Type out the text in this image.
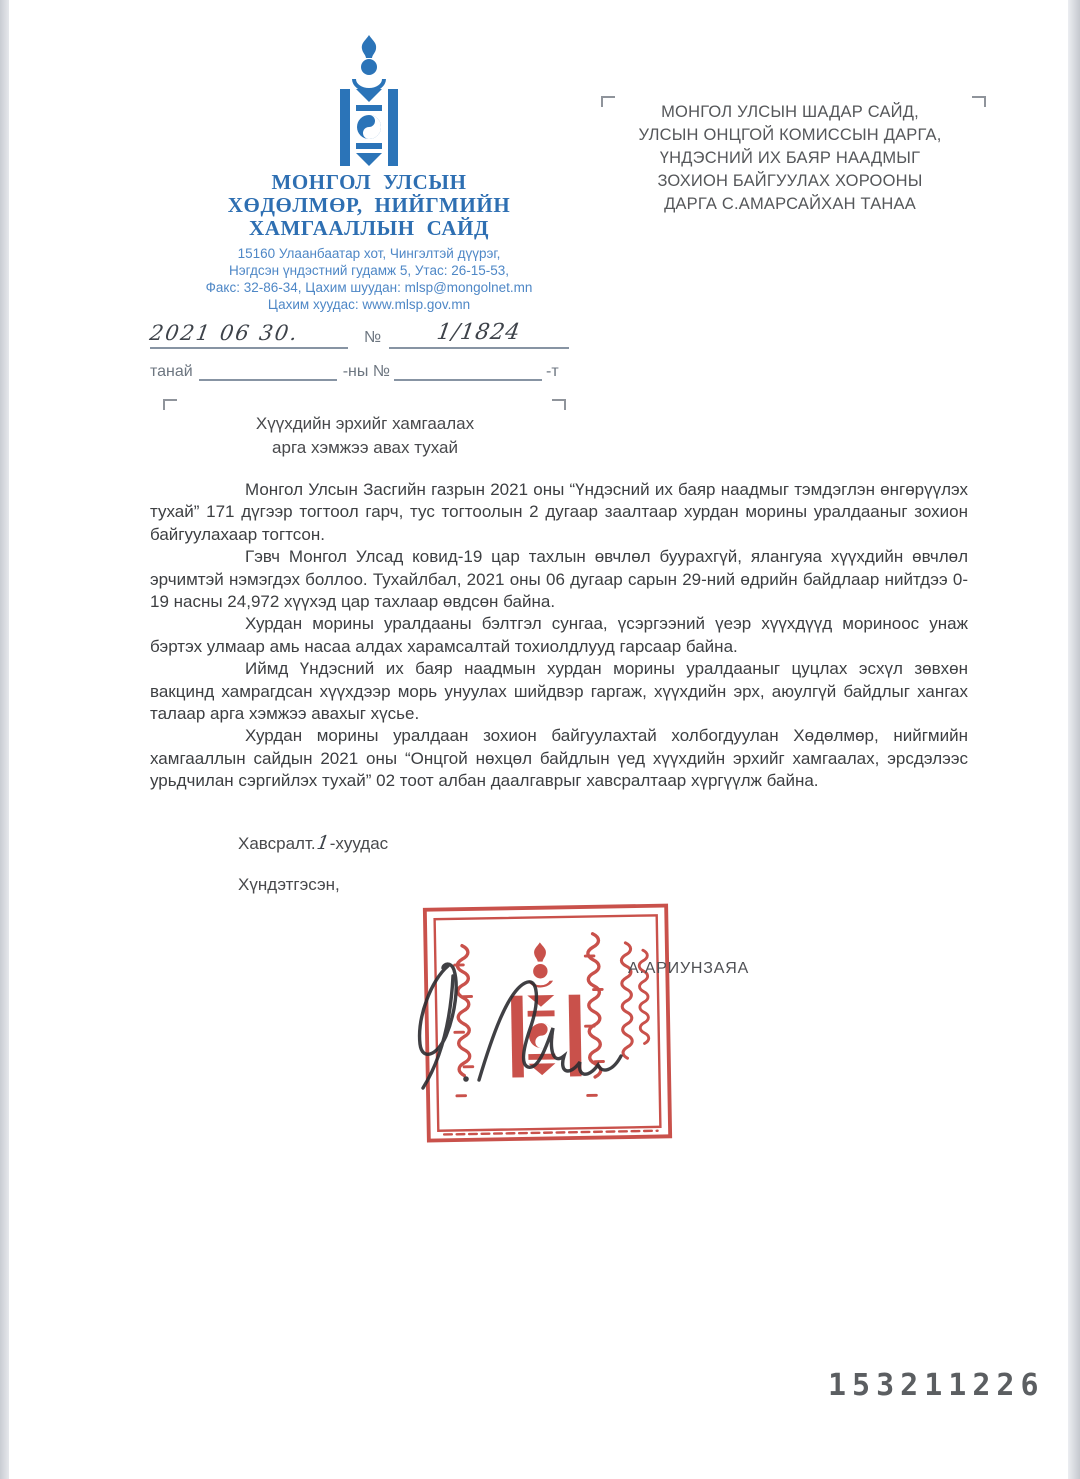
МОНГОЛ УЛСЫН
ХӨДӨЛМӨР, НИЙГМИЙН
ХАМГААЛЛЫН САЙД
15160 Улаанбаатар хот, Чингэлтэй дүүрэг,
Нэгдсэн үндэстний гудамж 5, Утас: 26-15-53,
Факс: 32-86-34, Цахим шуудан: mlsp@mongolnet.mn
Цахим хуудас: www.mlsp.gov.mn
МОНГОЛ УЛСЫН ШАДАР САЙД,
УЛСЫН ОНЦГОЙ КОМИССЫН ДАРГА,
ҮНДЭСНИЙ ИХ БАЯР НААДМЫГ
ЗОХИОН БАЙГУУЛАХ ХОРООНЫ
ДАРГА С.АМАРСАЙХАН ТАНАА
2021 06 30.	№	1/1824
танай	-ны №	-т
Хүүхдийн эрхийг хамгаалах
арга хэмжээ авах тухай

Монгол Улсын Засгийн газрын 2021 оны “Үндэсний их баяр наадмыг тэмдэглэн өнгөрүүлэх тухай” 171 дүгээр тогтоол гарч, тус тогтоолын 2 дугаар заалтаар хурдан морины уралдааныг зохион байгуулахаар тогтсон.

Гэвч Монгол Улсад ковид-19 цар тахлын өвчлөл буурахгүй, ялангуяа хүүхдийн өвчлөл эрчимтэй нэмэгдэх боллоо. Тухайлбал, 2021 оны 06 дугаар сарын 29-ний өдрийн байдлаар нийтдээ 0-19 насны 24,972 хүүхэд цар тахлаар өвдсөн байна.

Хурдан морины уралдааны бэлтгэл сунгаа, үсэргээний үеэр хүүхдүүд мориноос унаж бэртэх улмаар амь насаа алдах харамсалтай тохиолдлууд гарсаар байна.

Иймд Үндэсний их баяр наадмын хурдан морины уралдааныг цуцлах эсхүл зөвхөн вакцинд хамрагдсан хүүхдээр морь унуулах шийдвэр гаргаж, хүүхдийн эрх, аюулгүй байдлыг хангах талаар арга хэмжээ авахыг хүсье.

Хурдан морины уралдаан зохион байгуулахтай холбогдуулан Хөдөлмөр, нийгмийн хамгааллын сайдын 2021 оны “Онцгой нөхцөл байдлын үед хүүхдийн эрхийг хамгаалах, эрсдэлээс урьдчилан сэргийлэх тухай” 02 тоот албан даалгаврыг хавсралтаар хүргүүлж байна.

Хавсралт.1-хуудас
Хүндэтгэсэн,
А.АРИУНЗАЯА
153211226
